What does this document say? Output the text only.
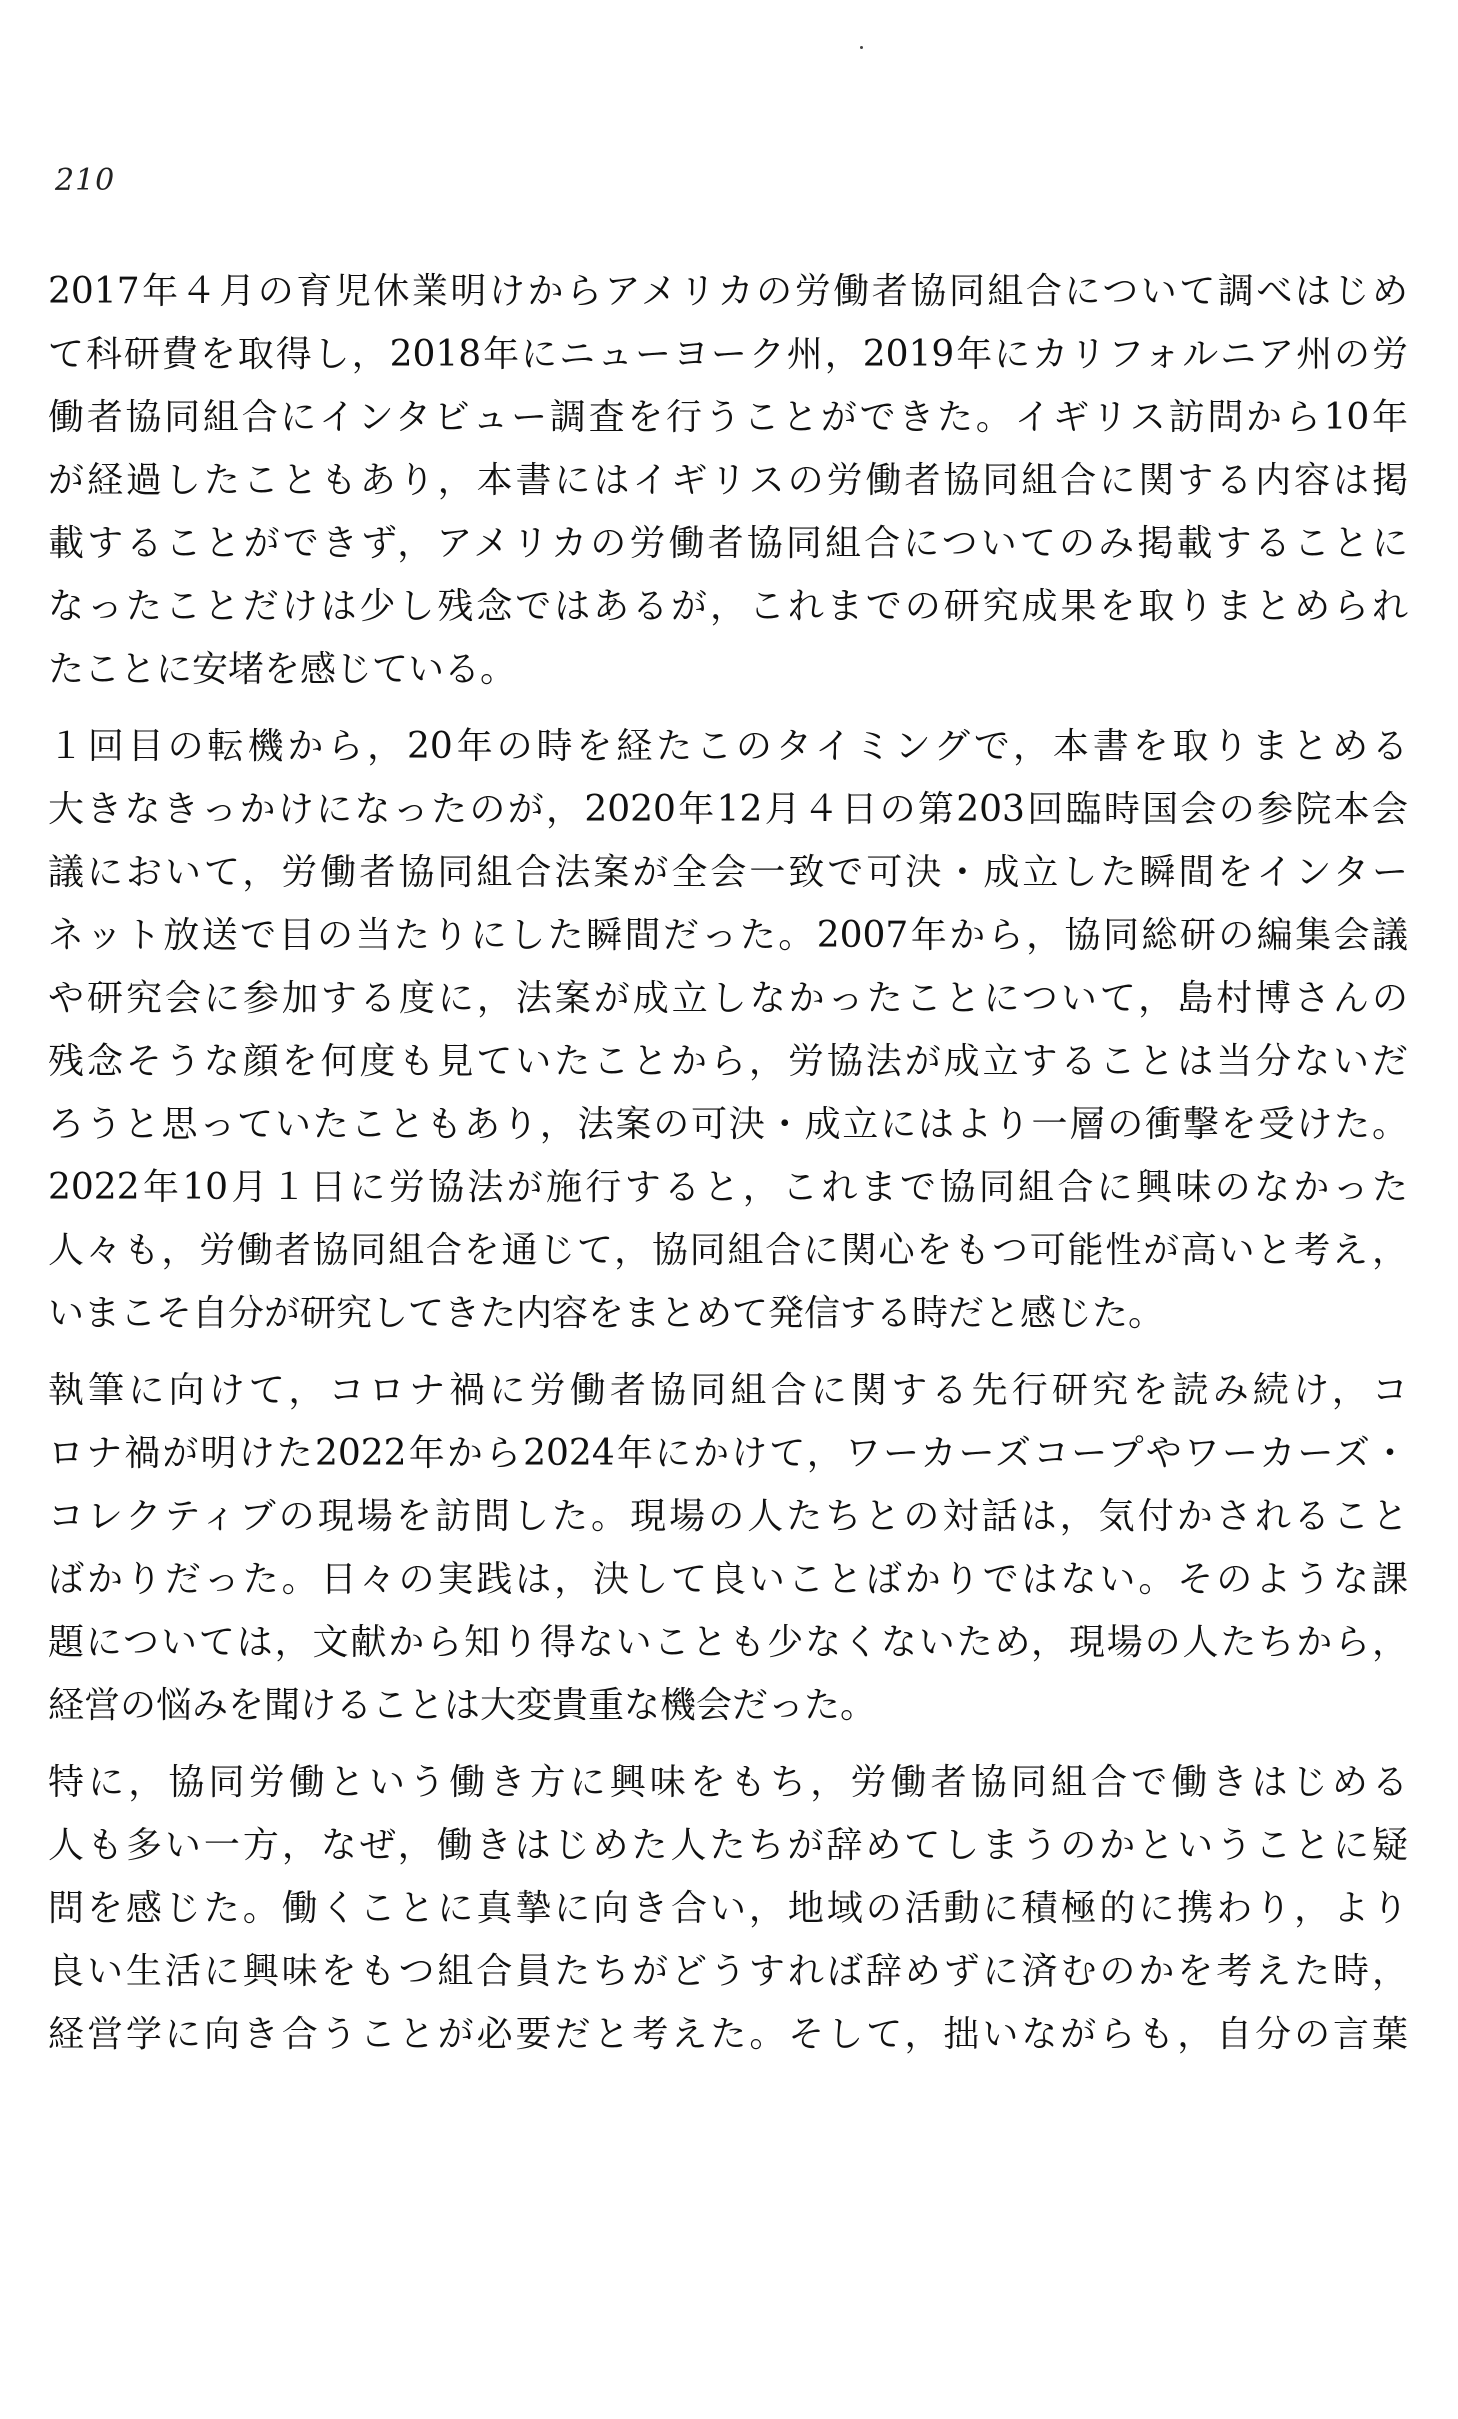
210
2017年４月の育児休業明けからアメリカの労働者協同組合について調べはじめ
て科研費を取得し，2018年にニューヨーク州，2019年にカリフォルニア州の労
働者協同組合にインタビュー調査を行うことができた。イギリス訪問から10年
が経過したこともあり，本書にはイギリスの労働者協同組合に関する内容は掲
載することができず，アメリカの労働者協同組合についてのみ掲載することに
なったことだけは少し残念ではあるが，これまでの研究成果を取りまとめられ
たことに安堵を感じている。
１回目の転機から，20年の時を経たこのタイミングで，本書を取りまとめる
大きなきっかけになったのが，2020年12月４日の第203回臨時国会の参院本会
議において，労働者協同組合法案が全会一致で可決・成立した瞬間をインター
ネット放送で目の当たりにした瞬間だった。2007年から，協同総研の編集会議
や研究会に参加する度に，法案が成立しなかったことについて，島村博さんの
残念そうな顔を何度も見ていたことから，労協法が成立することは当分ないだ
ろうと思っていたこともあり，法案の可決・成立にはより一層の衝撃を受けた。
2022年10月１日に労協法が施行すると，これまで協同組合に興味のなかった
人々も，労働者協同組合を通じて，協同組合に関心をもつ可能性が高いと考え，
いまこそ自分が研究してきた内容をまとめて発信する時だと感じた。
執筆に向けて，コロナ禍に労働者協同組合に関する先行研究を読み続け，コ
ロナ禍が明けた2022年から2024年にかけて，ワーカーズコープやワーカーズ・
コレクティブの現場を訪問した。現場の人たちとの対話は，気付かされること
ばかりだった。日々の実践は，決して良いことばかりではない。そのような課
題については，文献から知り得ないことも少なくないため，現場の人たちから，
経営の悩みを聞けることは大変貴重な機会だった。
特に，協同労働という働き方に興味をもち，労働者協同組合で働きはじめる
人も多い一方，なぜ，働きはじめた人たちが辞めてしまうのかということに疑
問を感じた。働くことに真摯に向き合い，地域の活動に積極的に携わり，より
良い生活に興味をもつ組合員たちがどうすれば辞めずに済むのかを考えた時，
経営学に向き合うことが必要だと考えた。そして，拙いながらも，自分の言葉
